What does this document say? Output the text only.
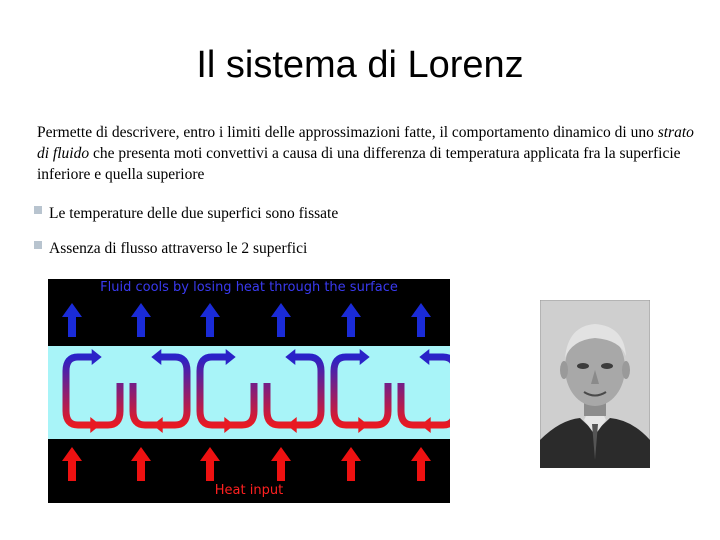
Il sistema di Lorenz
Permette di descrivere, entro i limiti delle approssimazioni fatte, il comportamento dinamico di uno strato di fluido che presenta moti convettivi a causa di una differenza di temperatura applicata fra la superficie inferiore e quella superiore
Le temperature delle due superfici sono fissate
Assenza di flusso attraverso le 2 superfici
Fluid cools by losing heat through the surface
Heat input
